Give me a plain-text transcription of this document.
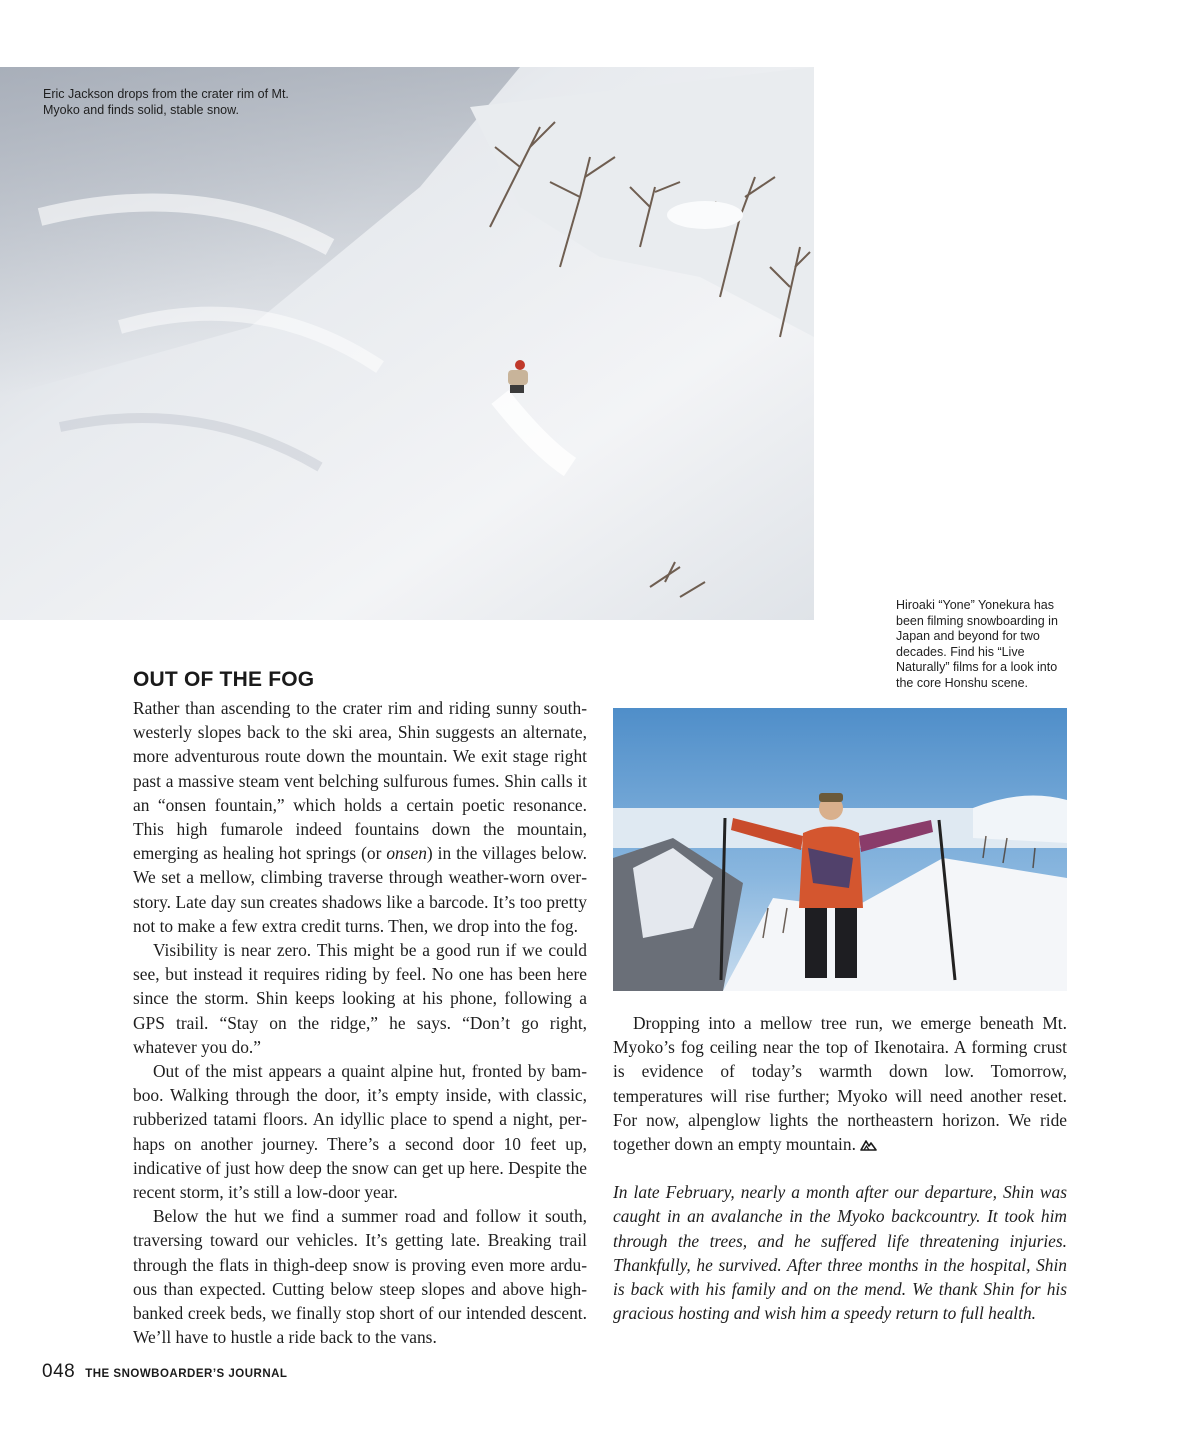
Eric Jackson drops from the crater rim of Mt. Myoko and finds solid, stable snow.
Hiroaki “Yone” Yonekura has been filming snowboarding in Japan and beyond for two decades. Find his “Live Naturally” films for a look into the core Honshu scene.
OUT OF THE FOG

Rather than ascending to the crater rim and riding sunny southwesterly slopes back to the ski area, Shin suggests an alternate, more adventurous route down the mountain. We exit stage right past a massive steam vent belching sulfurous fumes. Shin calls it an “onsen fountain,” which holds a certain poetic resonance. This high fumarole indeed fountains down the mountain, emerging as healing hot springs (or onsen) in the villages below. We set a mellow, climbing traverse through weather-worn overstory. Late day sun creates shadows like a barcode. It’s too pretty not to make a few extra credit turns. Then, we drop into the fog.

Visibility is near zero. This might be a good run if we could see, but instead it requires riding by feel. No one has been here since the storm. Shin keeps looking at his phone, following a GPS trail. “Stay on the ridge,” he says. “Don’t go right, whatever you do.”

Out of the mist appears a quaint alpine hut, fronted by bamboo. Walking through the door, it’s empty inside, with classic, rubberized tatami floors. An idyllic place to spend a night, perhaps on another journey. There’s a second door 10 feet up, indicative of just how deep the snow can get up here. Despite the recent storm, it’s still a low-door year.

Below the hut we find a summer road and follow it south, traversing toward our vehicles. It’s getting late. Breaking trail through the flats in thigh-deep snow is proving even more arduous than expected. Cutting below steep slopes and above high-banked creek beds, we finally stop short of our intended descent. We’ll have to hustle a ride back to the vans.

Dropping into a mellow tree run, we emerge beneath Mt. Myoko’s fog ceiling near the top of Ikenotaira. A forming crust is evidence of today’s warmth down low. Tomorrow, temperatures will rise further; Myoko will need another reset. For now, alpenglow lights the northeastern horizon. We ride together down an empty mountain.

In late February, nearly a month after our departure, Shin was caught in an avalanche in the Myoko backcountry. It took him through the trees, and he suffered life threatening injuries. Thankfully, he survived. After three months in the hospital, Shin is back with his family and on the mend. We thank Shin for his gracious hosting and wish him a speedy return to full health.

048 THE SNOWBOARDER’S JOURNAL
